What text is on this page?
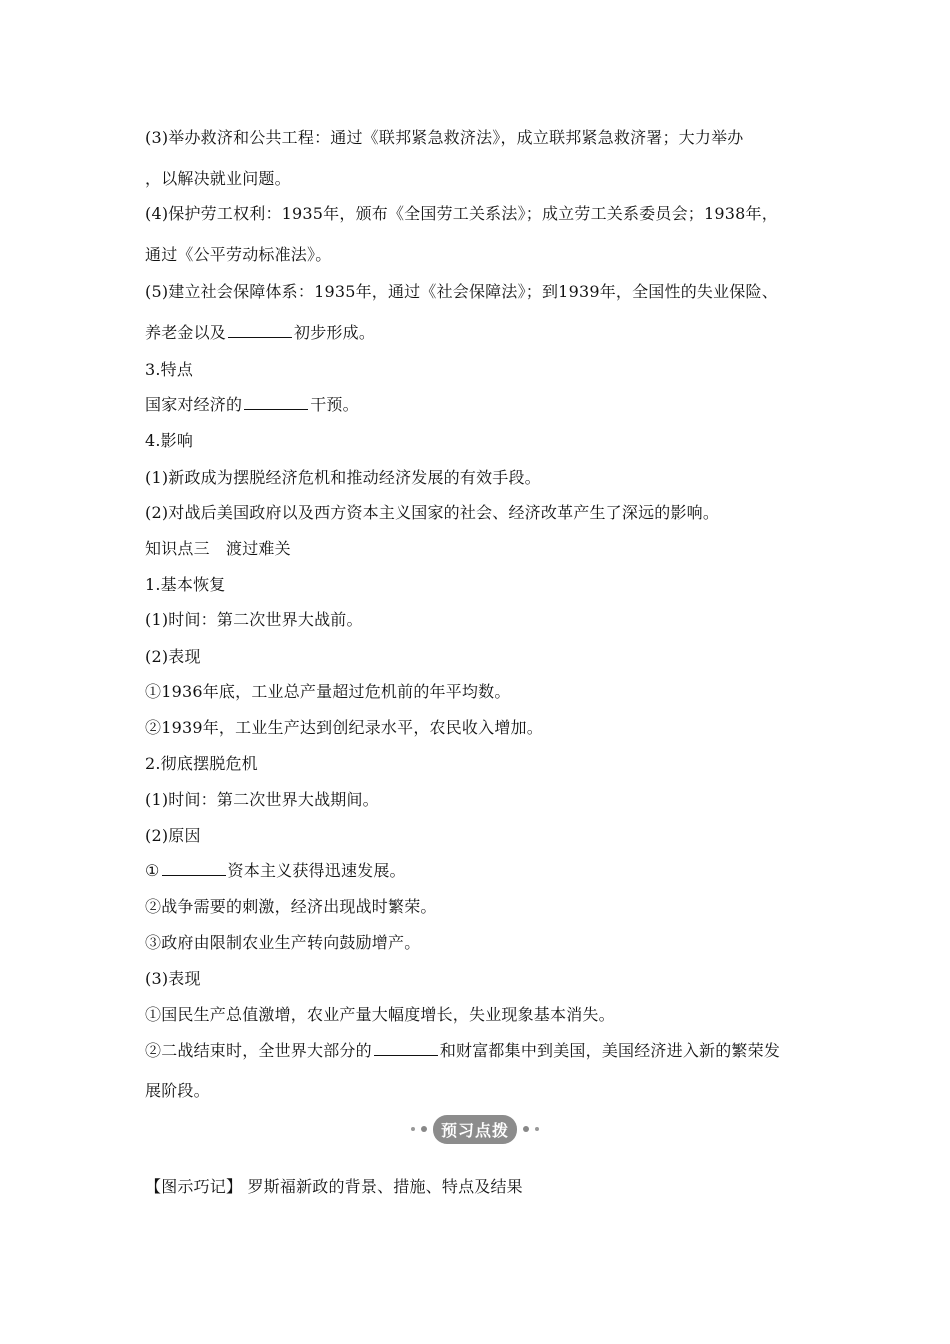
(3)举办救济和公共工程：通过《联邦紧急救济法》，成立联邦紧急救济署；大力举办
，以解决就业问题。
(4)保护劳工权利：1935年，颁布《全国劳工关系法》；成立劳工关系委员会；1938年，
通过《公平劳动标准法》。
(5)建立社会保障体系：1935年，通过《社会保障法》；到1939年，全国性的失业保险、
养老金以及	初步形成。
3.特点
国家对经济的	干预。
4.影响
(1)新政成为摆脱经济危机和推动经济发展的有效手段。
(2)对战后美国政府以及西方资本主义国家的社会、经济改革产生了深远的影响。
知识点三　渡过难关
1.基本恢复
(1)时间：第二次世界大战前。
(2)表现
①1936年底，工业总产量超过危机前的年平均数。
②1939年，工业生产达到创纪录水平，农民收入增加。
2.彻底摆脱危机
(1)时间：第二次世界大战期间。
(2)原因
①	资本主义获得迅速发展。
②战争需要的刺激，经济出现战时繁荣。
③政府由限制农业生产转向鼓励增产。
(3)表现
①国民生产总值激增，农业产量大幅度增长，失业现象基本消失。
②二战结束时，全世界大部分的	和财富都集中到美国，美国经济进入新的繁荣发
展阶段。
预习点拨
【图示巧记】 罗斯福新政的背景、措施、特点及结果
